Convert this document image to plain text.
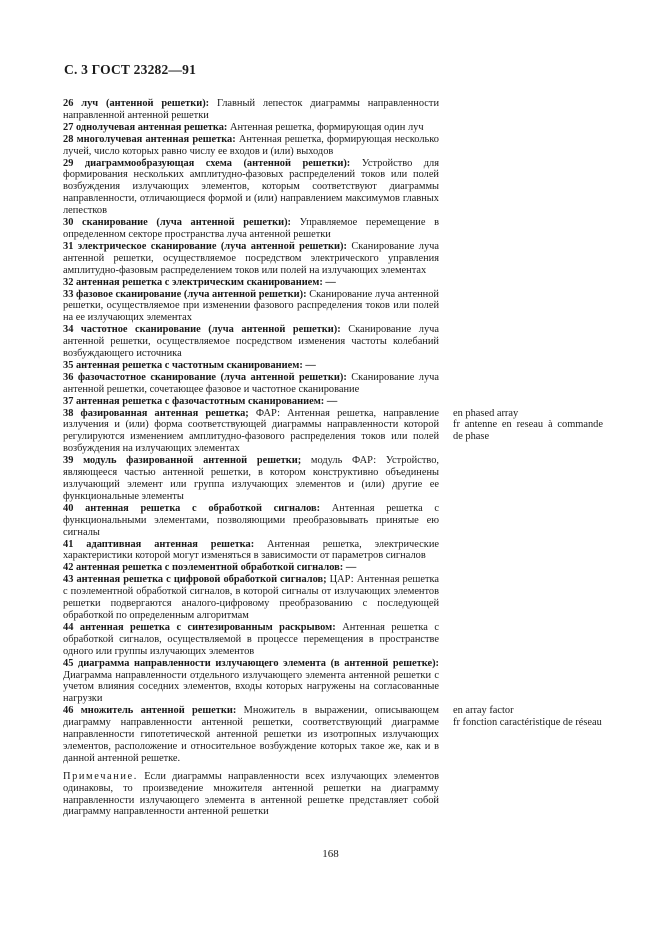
С. 3 ГОСТ 23282—91

26 луч (антенной решетки): Главный лепесток диаграммы направленности направленной антенной решетки

27 однолучевая антенная решетка: Антенная решетка, формирующая один луч

28 многолучевая антенная решетка: Антенная решетка, формирующая несколько лучей, число которых равно числу ее входов и (или) выходов

29 диаграммообразующая схема (антенной решетки): Устройство для формирования нескольких амплитудно-фазовых распределений токов или полей возбуждения излучающих элементов, которым соответствуют диаграммы направленности, отличающиеся формой и (или) направлением максимумов главных лепестков

30 сканирование (луча антенной решетки): Управляемое перемещение в определенном секторе пространства луча антенной решетки

31 электрическое сканирование (луча антенной решетки): Сканирование луча антенной решетки, осуществляемое посредством электрического управления амплитудно-фазовым распределением токов или полей на излучающих элементах

32 антенная решетка с электрическим сканированием: —

33 фазовое сканирование (луча антенной решетки): Сканирование луча антенной решетки, осуществляемое при изменении фазового распределения токов или полей на ее излучающих элементах

34 частотное сканирование (луча антенной решетки): Сканирование луча антенной решетки, осуществляемое посредством изменения частоты колебаний возбуждающего источника

35 антенная решетка с частотным сканированием: —

36 фазочастотное сканирование (луча антенной решетки): Сканирование луча антенной решетки, сочетающее фазовое и частотное сканирование

37 антенная решетка с фазочастотным сканированием: —

38 фазированная антенная решетка; ФАР: Антенная решетка, направление излучения и (или) форма соответствующей диаграммы направленности которой регулируются изменением амплитудно-фазового распределения токов или полей возбуждения на излучающих элементах

39 модуль фазированной антенной решетки; модуль ФАР: Устройство, являющееся частью антенной решетки, в котором конструктивно объединены излучающий элемент или группа излучающих элементов и (или) другие ее функциональные элементы

40 антенная решетка с обработкой сигналов: Антенная решетка с функциональными элементами, позволяющими преобразовывать принятые ею сигналы

41 адаптивная антенная решетка: Антенная решетка, электрические характеристики которой могут изменяться в зависимости от параметров сигналов

42 антенная решетка с поэлементной обработкой сигналов: —

43 антенная решетка с цифровой обработкой сигналов; ЦАР: Антенная решетка с поэлементной обработкой сигналов, в которой сигналы от излучающих элементов решетки подвергаются аналого-цифровому преобразованию с последующей обработкой по определенным алгоритмам

44 антенная решетка с синтезированным раскрывом: Антенная решетка с обработкой сигналов, осуществляемой в процессе перемещения в пространстве одного или группы излучающих элементов

45 диаграмма направленности излучающего элемента (в антенной решетке): Диаграмма направленности отдельного излучающего элемента антенной решетки с учетом влияния соседних элементов, входы которых нагружены на согласованные нагрузки

46 множитель антенной решетки: Множитель в выражении, описывающем диаграмму направленности антенной решетки, соответствующий диаграмме направленности гипотетической антенной решетки из изотропных излучающих элементов, расположение и относительное возбуждение которых такое же, как и в данной антенной решетке.

Примечание. Если диаграммы направленности всех излучающих элементов одинаковы, то произведение множителя антенной решетки на диаграмму направленности излучающего элемента в антенной решетке представляет собой диаграмму направленности антенной решетки

en phased array

fr antenne en reseau à commande de phase

en array factor

fr fonction caractéristique de réseau

168
